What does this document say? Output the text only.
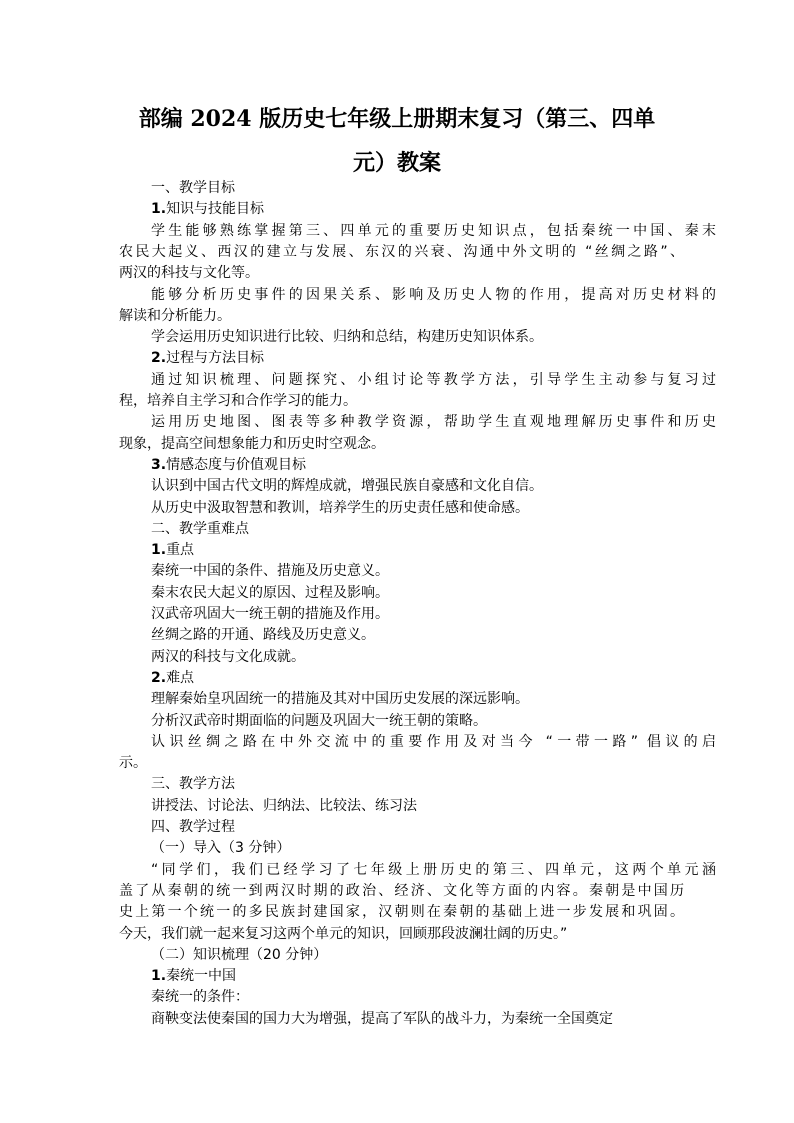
部编 2024 版历史七年级上册期末复习（第三、四单
元）教案
一、教学目标
1.知识与技能目标
学生能够熟练掌握第三、四单元的重要历史知识点，包括秦统一中国、秦末
农民大起义、西汉的建立与发展、东汉的兴衰、沟通中外文明的 “丝绸之路”、
两汉的科技与文化等。
能够分析历史事件的因果关系、影响及历史人物的作用，提高对历史材料的
解读和分析能力。
学会运用历史知识进行比较、归纳和总结，构建历史知识体系。
2.过程与方法目标
通过知识梳理、问题探究、小组讨论等教学方法，引导学生主动参与复习过
程，培养自主学习和合作学习的能力。
运用历史地图、图表等多种教学资源，帮助学生直观地理解历史事件和历史
现象，提高空间想象能力和历史时空观念。
3.情感态度与价值观目标
认识到中国古代文明的辉煌成就，增强民族自豪感和文化自信。
从历史中汲取智慧和教训，培养学生的历史责任感和使命感。
二、教学重难点
1.重点
秦统一中国的条件、措施及历史意义。
秦末农民大起义的原因、过程及影响。
汉武帝巩固大一统王朝的措施及作用。
丝绸之路的开通、路线及历史意义。
两汉的科技与文化成就。
2.难点
理解秦始皇巩固统一的措施及其对中国历史发展的深远影响。
分析汉武帝时期面临的问题及巩固大一统王朝的策略。
认识丝绸之路在中外交流中的重要作用及对当今 “一带一路” 倡议的启
示。
三、教学方法
讲授法、讨论法、归纳法、比较法、练习法
四、教学过程
（一）导入（3 分钟）
“同学们，我们已经学习了七年级上册历史的第三、四单元，这两个单元涵
盖了从秦朝的统一到两汉时期的政治、经济、文化等方面的内容。秦朝是中国历
史上第一个统一的多民族封建国家，汉朝则在秦朝的基础上进一步发展和巩固。
今天，我们就一起来复习这两个单元的知识，回顾那段波澜壮阔的历史。”
（二）知识梳理（20 分钟）
1.秦统一中国
秦统一的条件：
商鞅变法使秦国的国力大为增强，提高了军队的战斗力，为秦统一全国奠定
